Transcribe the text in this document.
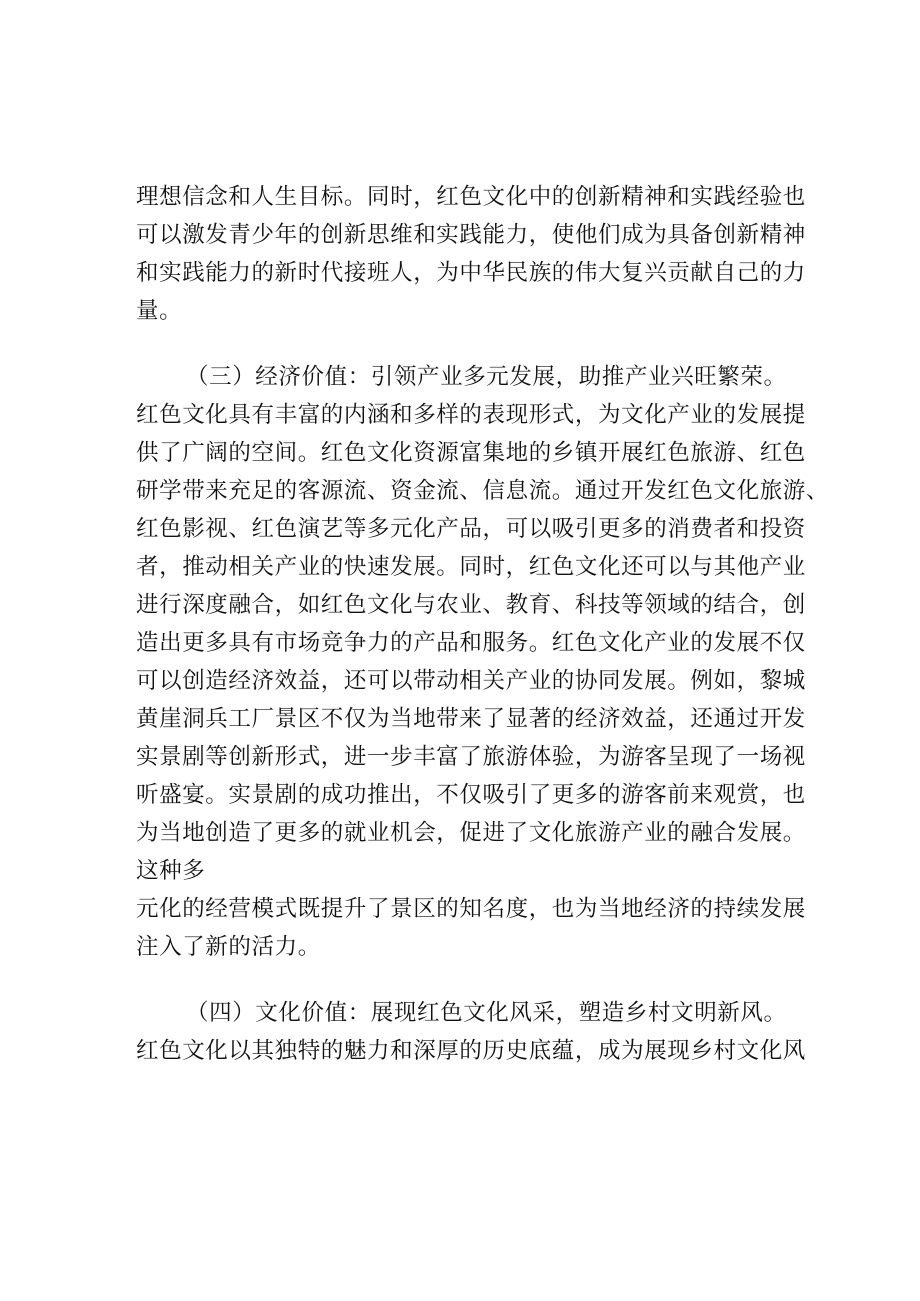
理想信念和人生目标。同时，红色文化中的创新精神和实践经验也

可以激发青少年的创新思维和实践能力，使他们成为具备创新精神

和实践能力的新时代接班人，为中华民族的伟大复兴贡献自己的力

量。

（三）经济价值：引领产业多元发展，助推产业兴旺繁荣。

红色文化具有丰富的内涵和多样的表现形式，为文化产业的发展提

供了广阔的空间。红色文化资源富集地的乡镇开展红色旅游、红色

研学带来充足的客源流、资金流、信息流。通过开发红色文化旅游、

红色影视、红色演艺等多元化产品，可以吸引更多的消费者和投资

者，推动相关产业的快速发展。同时，红色文化还可以与其他产业

进行深度融合，如红色文化与农业、教育、科技等领域的结合，创

造出更多具有市场竞争力的产品和服务。红色文化产业的发展不仅

可以创造经济效益，还可以带动相关产业的协同发展。例如，黎城

黄崖洞兵工厂景区不仅为当地带来了显著的经济效益，还通过开发

实景剧等创新形式，进一步丰富了旅游体验，为游客呈现了一场视

听盛宴。实景剧的成功推出，不仅吸引了更多的游客前来观赏，也

为当地创造了更多的就业机会，促进了文化旅游产业的融合发展。

这种多

元化的经营模式既提升了景区的知名度，也为当地经济的持续发展

注入了新的活力。

（四）文化价值：展现红色文化风采，塑造乡村文明新风。

红色文化以其独特的魅力和深厚的历史底蕴，成为展现乡村文化风
